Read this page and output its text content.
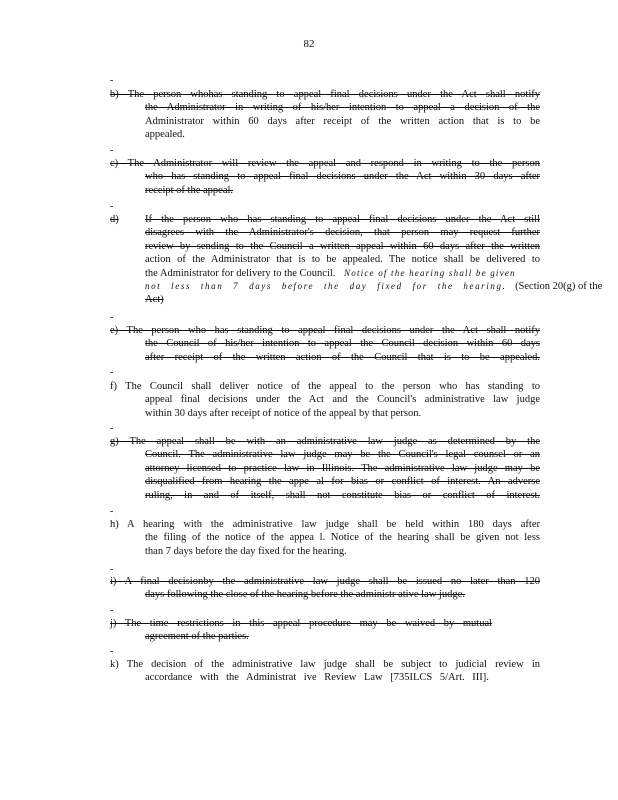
82
-
b) The person whohas standing to appeal final decisions under the Act shall notify
the Administrator in writing of his/her intention to appeal a decision of the
Administrator within 60 days after receipt of the written action that is to be
appealed.
-
c) The Administrator will review the appeal and respond in writing to the person
who has standing to appeal final decisions under the Act within 30 days after
receipt of the appeal.
-
d)	If the person who has standing to appeal final decisions under the Act still
disagrees with the Administrator's decision, that person may request further
review by sending to the Council a written appeal within 60 days after the written
action of the Administrator that is to be appealed. The notice shall be delivered to
the Administrator for delivery to the Council. Notice of the hearing shall be given
not less than 7 days before the day fixed for the hearing. (Section 20(g) of the
Act)
-
e) The person who has standing to appeal final decisions under the Act shall notify
the Council of his/her intention to appeal the Council decision within 60 days
after receipt of the written action of the Council that is to be appealed.
-
f) The Council shall deliver notice of the appeal to the person who has standing to
appeal final decisions under the Act and the Council's administrative law judge
within 30 days after receipt of notice of the appeal by that person.
-
g) The appeal shall be with an administrative law judge as determined by the
Council. The administrative law judge may be the Council's legal counsel or an
attorney licensed to practice law in Illinois. The administrative law judge may be
disqualified from hearing the appe al for bias or conflict of interest. An adverse
ruling, in and of itself, shall not constitute bias or conflict of interest.
-
h) A hearing with the administrative law judge shall be held within 180 days after
the filing of the notice of the appea l. Notice of the hearing shall be given not less
than 7 days before the day fixed for the hearing.
-
i) A final decisionby the administrative law judge shall be issued no later than 120
days following the close of the hearing before the administr ative law judge.
-
j) The time restrictions in this appeal procedure may be waived by mutual
agreement of the parties.
-
k) The decision of the administrative law judge shall be subject to judicial review in
accordance with the Administrat ive Review Law [735ILCS 5/Art. III].
